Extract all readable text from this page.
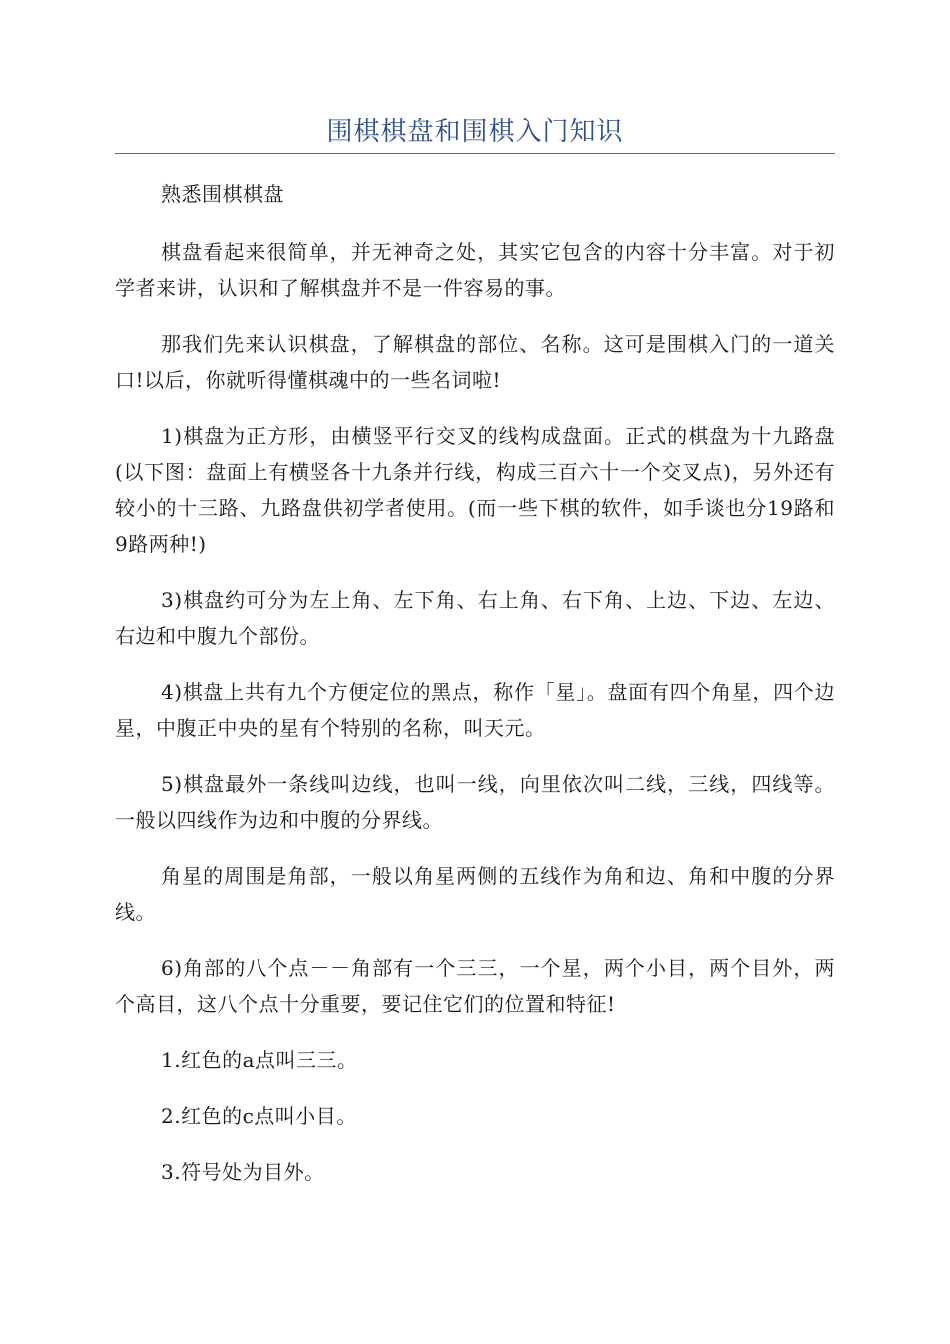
围棋棋盘和围棋入门知识

熟悉围棋棋盘

棋盘看起来很简单，并无神奇之处，其实它包含的内容十分丰富。对于初学者来讲，认识和了解棋盘并不是一件容易的事。

那我们先来认识棋盘，了解棋盘的部位、名称。这可是围棋入门的一道关口!以后，你就听得懂棋魂中的一些名词啦!

1)棋盘为正方形，由横竖平行交叉的线构成盘面。正式的棋盘为十九路盘(以下图：盘面上有横竖各十九条并行线，构成三百六十一个交叉点)，另外还有较小的十三路、九路盘供初学者使用。(而一些下棋的软件，如手谈也分19路和9路两种!)

3)棋盘约可分为左上角、左下角、右上角、右下角、上边、下边、左边、右边和中腹九个部份。

4)棋盘上共有九个方便定位的黑点，称作「星」。盘面有四个角星，四个边星，中腹正中央的星有个特别的名称，叫天元。

5)棋盘最外一条线叫边线，也叫一线，向里依次叫二线，三线，四线等。一般以四线作为边和中腹的分界线。

角星的周围是角部，一般以角星两侧的五线作为角和边、角和中腹的分界线。

6)角部的八个点－－角部有一个三三，一个星，两个小目，两个目外，两个高目，这八个点十分重要，要记住它们的位置和特征!

1.红色的a点叫三三。

2.红色的c点叫小目。

3.符号处为目外。
